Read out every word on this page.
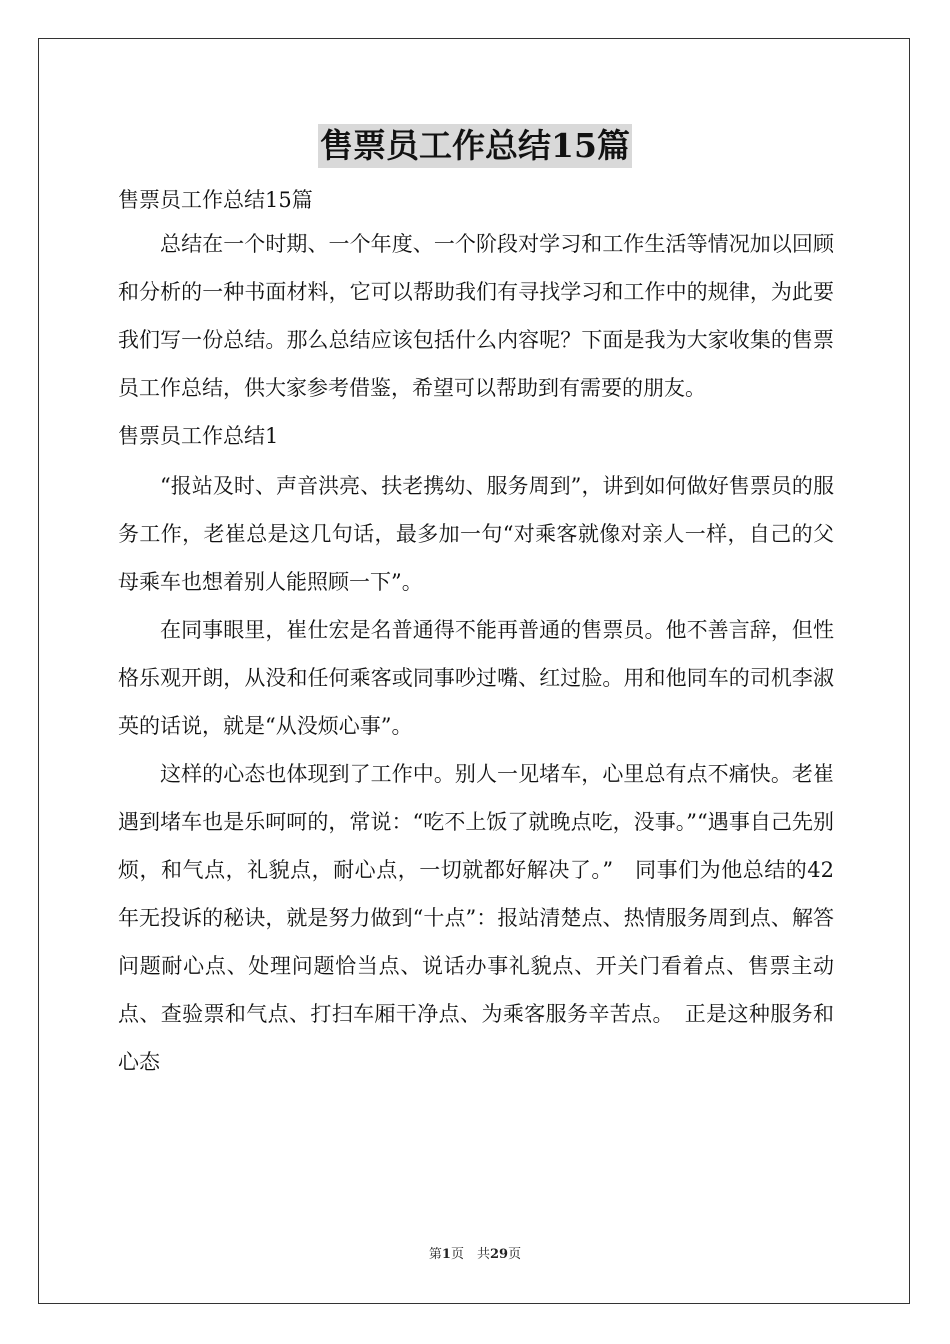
售票员工作总结15篇
售票员工作总结15篇

总结在一个时期、一个年度、一个阶段对学习和工作生活等情况加以回顾和分析的一种书面材料，它可以帮助我们有寻找学习和工作中的规律，为此要我们写一份总结。那么总结应该包括什么内容呢？下面是我为大家收集的售票员工作总结，供大家参考借鉴，希望可以帮助到有需要的朋友。

售票员工作总结1

“报站及时、声音洪亮、扶老携幼、服务周到”，讲到如何做好售票员的服务工作，老崔总是这几句话，最多加一句“对乘客就像对亲人一样，自己的父母乘车也想着别人能照顾一下”。

在同事眼里，崔仕宏是名普通得不能再普通的售票员。他不善言辞，但性格乐观开朗，从没和任何乘客或同事吵过嘴、红过脸。用和他同车的司机李淑英的话说，就是“从没烦心事”。

这样的心态也体现到了工作中。别人一见堵车，心里总有点不痛快。老崔遇到堵车也是乐呵呵的，常说：“吃不上饭了就晚点吃，没事。”“遇事自己先别烦，和气点，礼貌点，耐心点，一切就都好解决了。”　同事们为他总结的42年无投诉的秘诀，就是努力做到“十点”：报站清楚点、热情服务周到点、解答问题耐心点、处理问题恰当点、说话办事礼貌点、开关门看着点、售票主动点、查验票和气点、打扫车厢干净点、为乘客服务辛苦点。　正是这种服务和心态

第1页　共29页
